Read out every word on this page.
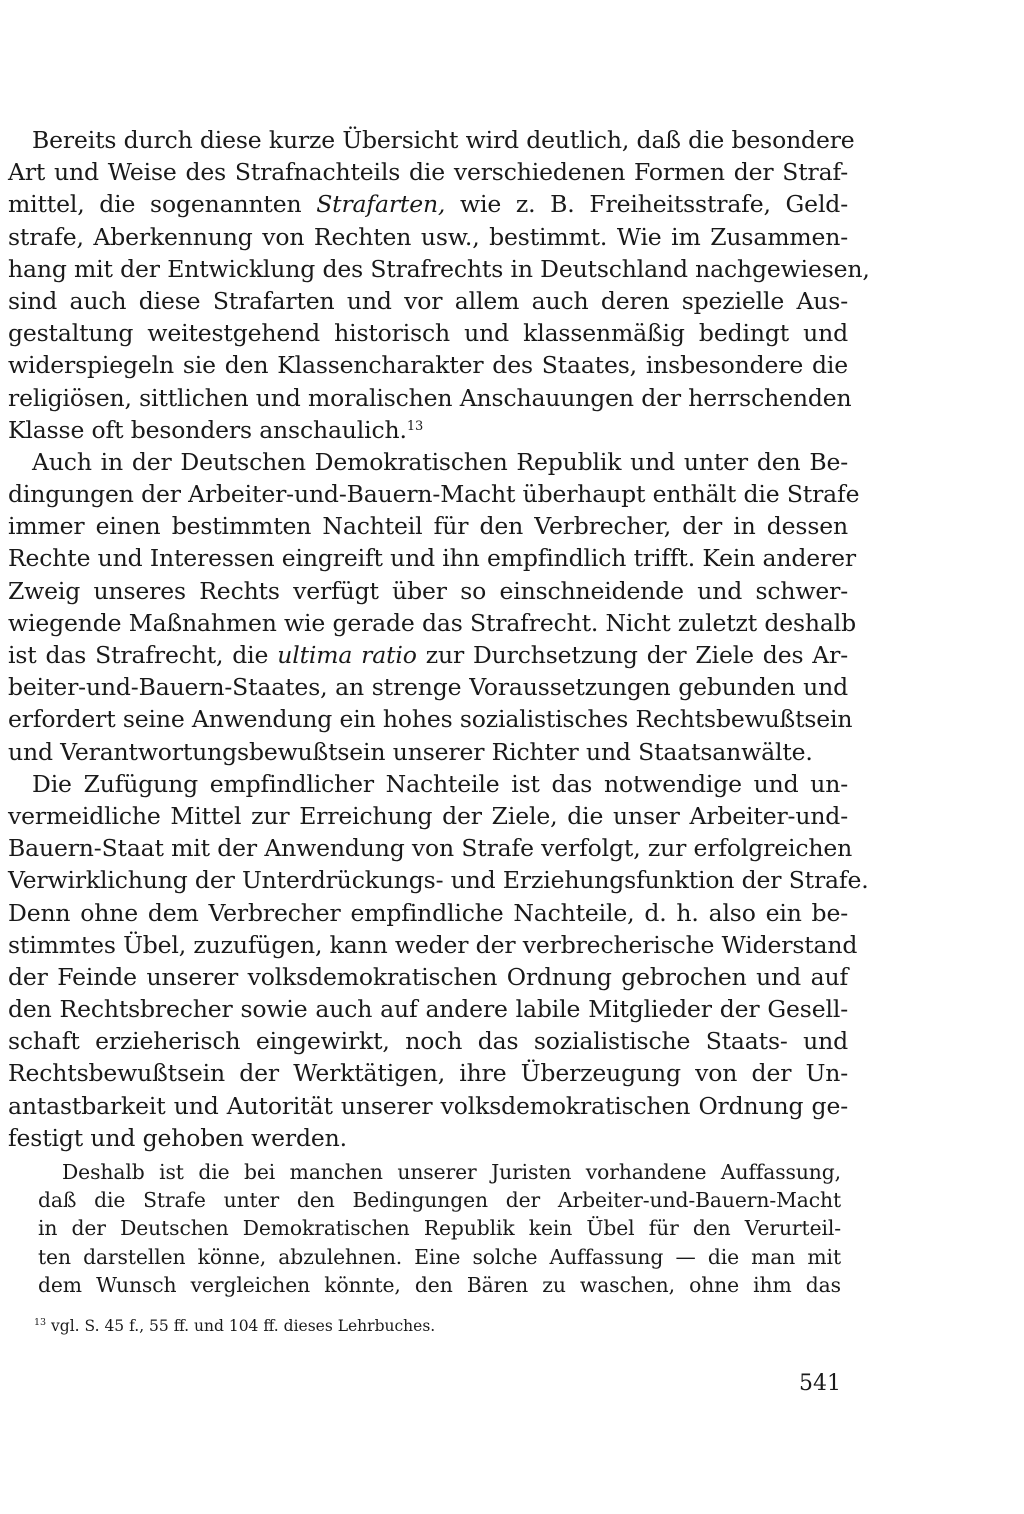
Bereits durch diese kurze Übersicht wird deutlich, daß die besondere
Art und Weise des Strafnachteils die verschiedenen Formen der Straf-
mittel, die sogenannten Strafarten, wie z. B. Freiheitsstrafe, Geld-
strafe, Aberkennung von Rechten usw., bestimmt. Wie im Zusammen-
hang mit der Entwicklung des Strafrechts in Deutschland nachgewiesen,
sind auch diese Strafarten und vor allem auch deren spezielle Aus-
gestaltung weitestgehend historisch und klassenmäßig bedingt und
widerspiegeln sie den Klassencharakter des Staates, insbesondere die
religiösen, sittlichen und moralischen Anschauungen der herrschenden
Klasse oft besonders anschaulich.$^{13}$
Auch in der Deutschen Demokratischen Republik und unter den Be-
dingungen der Arbeiter-und-Bauern-Macht überhaupt enthält die Strafe
immer einen bestimmten Nachteil für den Verbrecher, der in dessen
Rechte und Interessen eingreift und ihn empfindlich trifft. Kein anderer
Zweig unseres Rechts verfügt über so einschneidende und schwer-
wiegende Maßnahmen wie gerade das Strafrecht. Nicht zuletzt deshalb
ist das Strafrecht, die ultima ratio zur Durchsetzung der Ziele des Ar-
beiter-und-Bauern-Staates, an strenge Voraussetzungen gebunden und
erfordert seine Anwendung ein hohes sozialistisches Rechtsbewußtsein
und Verantwortungsbewußtsein unserer Richter und Staatsanwälte.
Die Zufügung empfindlicher Nachteile ist das notwendige und un-
vermeidliche Mittel zur Erreichung der Ziele, die unser Arbeiter-und-
Bauern-Staat mit der Anwendung von Strafe verfolgt, zur erfolgreichen
Verwirklichung der Unterdrückungs- und Erziehungsfunktion der Strafe.
Denn ohne dem Verbrecher empfindliche Nachteile, d. h. also ein be-
stimmtes Übel, zuzufügen, kann weder der verbrecherische Widerstand
der Feinde unserer volksdemokratischen Ordnung gebrochen und auf
den Rechtsbrecher sowie auch auf andere labile Mitglieder der Gesell-
schaft erzieherisch eingewirkt, noch das sozialistische Staats- und
Rechtsbewußtsein der Werktätigen, ihre Überzeugung von der Un-
antastbarkeit und Autorität unserer volksdemokratischen Ordnung ge-
festigt und gehoben werden.
Deshalb ist die bei manchen unserer Juristen vorhandene Auffassung,
daß die Strafe unter den Bedingungen der Arbeiter-und-Bauern-Macht
in der Deutschen Demokratischen Republik kein Übel für den Verurteil-
ten darstellen könne, abzulehnen. Eine solche Auffassung — die man mit
dem Wunsch vergleichen könnte, den Bären zu waschen, ohne ihm das
$^{13}$ vgl. S. 45 f., 55 ff. und 104 ff. dieses Lehrbuches.
541
